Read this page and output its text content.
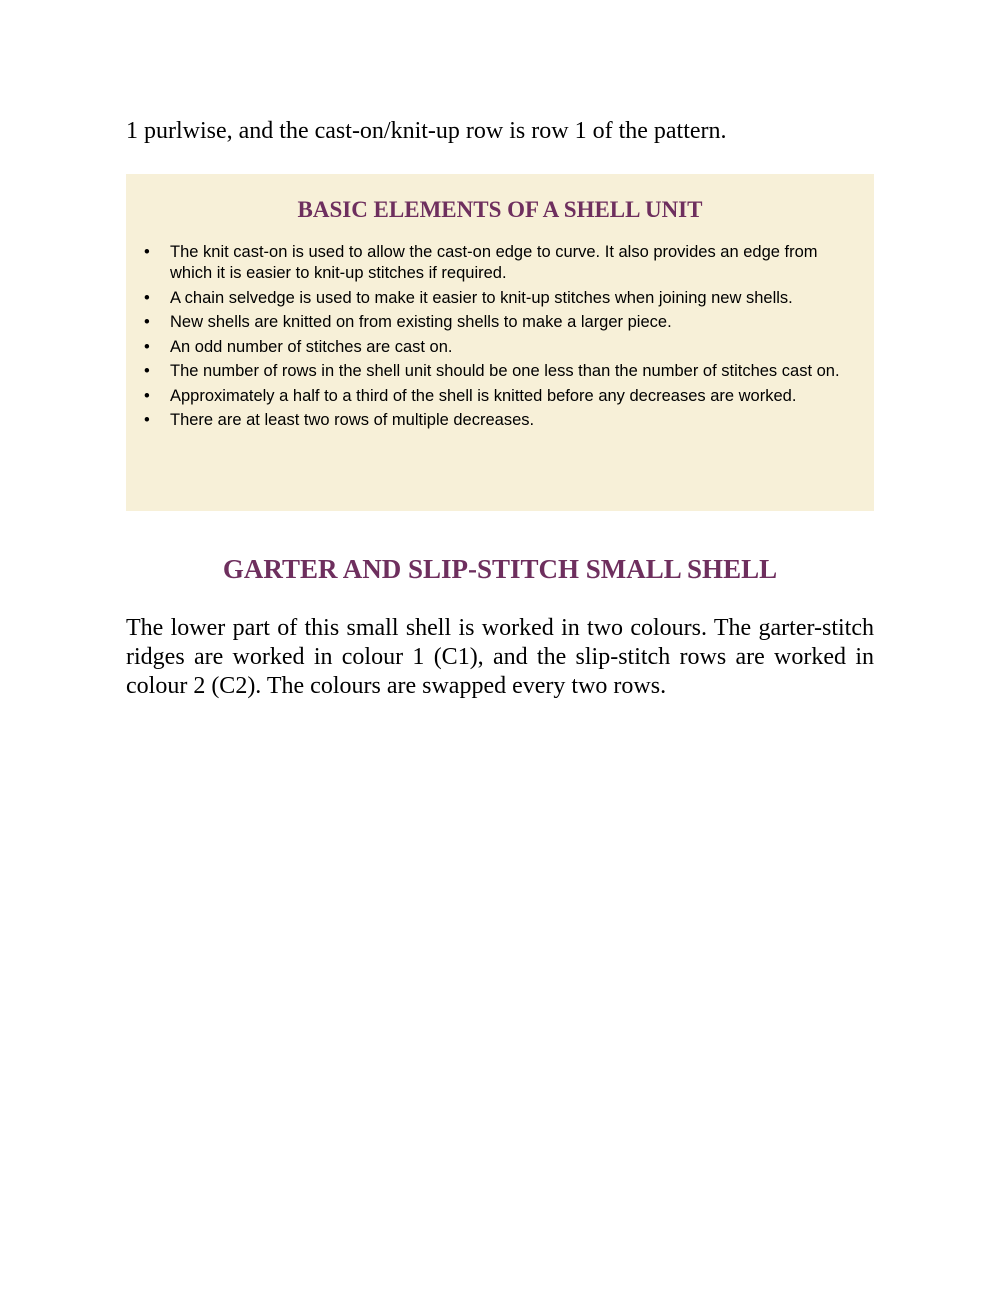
1 purlwise, and the cast-on/knit-up row is row 1 of the pattern.

BASIC ELEMENTS OF A SHELL UNIT
• The knit cast-on is used to allow the cast-on edge to curve. It also provides an edge from which it is easier to knit-up stitches if required.
• A chain selvedge is used to make it easier to knit-up stitches when joining new shells.
• New shells are knitted on from existing shells to make a larger piece.
• An odd number of stitches are cast on.
• The number of rows in the shell unit should be one less than the number of stitches cast on.
• Approximately a half to a third of the shell is knitted before any decreases are worked.
• There are at least two rows of multiple decreases.
GARTER AND SLIP-STITCH SMALL SHELL

The lower part of this small shell is worked in two colours. The garter-stitch ridges are worked in colour 1 (C1), and the slip-stitch rows are worked in colour 2 (C2). The colours are swapped every two rows.
